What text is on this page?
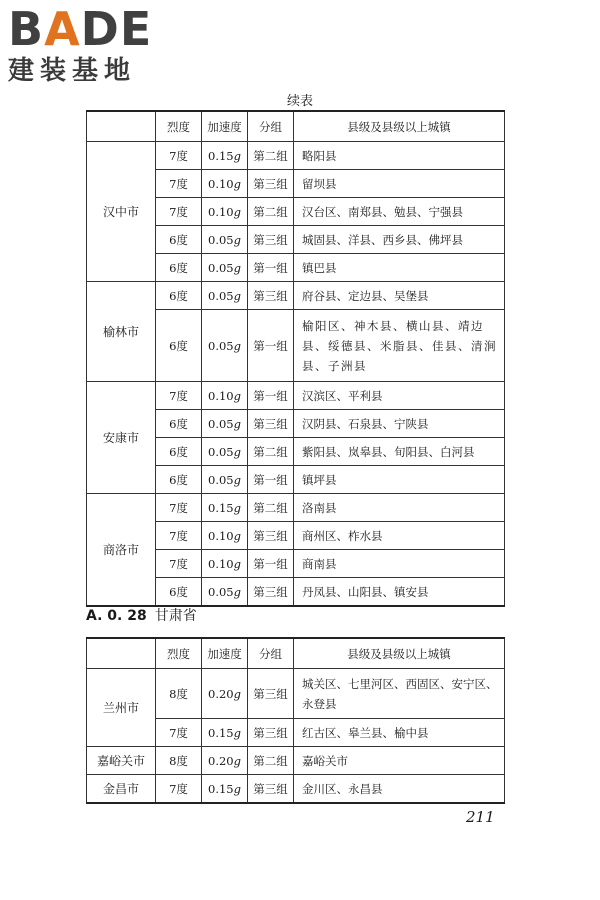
BADE
建装基地
续表
	烈度	加速度	分组	县级及县级以上城镇
汉中市	7度	0.15g	第二组	略阳县
	7度	0.10g	第三组	留坝县
	7度	0.10g	第二组	汉台区、南郑县、勉县、宁强县
	6度	0.05g	第三组	城固县、洋县、西乡县、佛坪县
	6度	0.05g	第一组	镇巴县
榆林市	6度	0.05g	第三组	府谷县、定边县、吴堡县
	6度	0.05g	第一组	榆阳区、神木县、横山县、靖边县、绥德县、米脂县、佳县、清涧县、子洲县
安康市	7度	0.10g	第一组	汉滨区、平利县
	6度	0.05g	第三组	汉阴县、石泉县、宁陕县
	6度	0.05g	第二组	紫阳县、岚皋县、旬阳县、白河县
	6度	0.05g	第一组	镇坪县
商洛市	7度	0.15g	第二组	洛南县
	7度	0.10g	第三组	商州区、柞水县
	7度	0.10g	第一组	商南县
	6度	0.05g	第三组	丹凤县、山阳县、镇安县
A. 0. 28 甘肃省
	烈度	加速度	分组	县级及县级以上城镇
兰州市	8度	0.20g	第三组	城关区、七里河区、西固区、安宁区、永登县
	7度	0.15g	第三组	红古区、皋兰县、榆中县
嘉峪关市	8度	0.20g	第二组	嘉峪关市
金昌市	7度	0.15g	第三组	金川区、永昌县
211
